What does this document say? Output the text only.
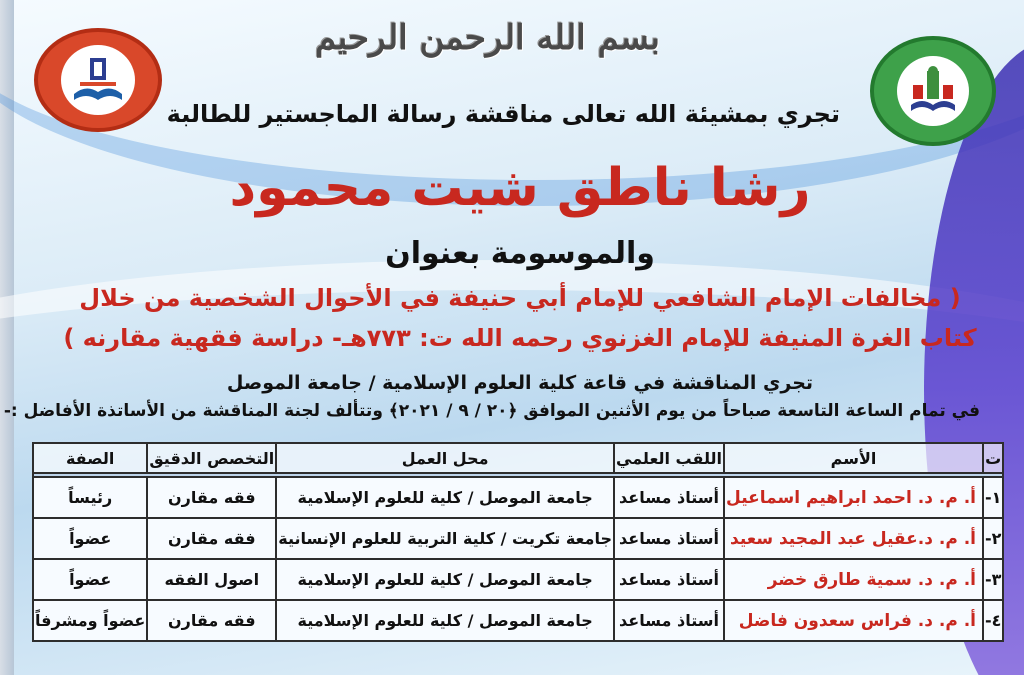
بسم الله الرحمن الرحيم
تجري بمشيئة الله تعالى مناقشة رسالة الماجستير للطالبة
رشا ناطق شيت محمود
والموسومة بعنوان
( مخالفات الإمام الشافعي للإمام أبي حنيفة في الأحوال الشخصية من خلال
كتاب الغرة المنيفة للإمام الغزنوي رحمه الله ت: ٧٧٣هـ- دراسة فقهية مقارنه )
تجري المناقشة في قاعة كلية العلوم الإسلامية / جامعة الموصل
في تمام الساعة التاسعة صباحاً من يوم الأثنين الموافق ﴿٢٠ / ٩ / ٢٠٢١﴾ وتتألف لجنة المناقشة من الأساتذة الأفاضل :-
ت	الأسم	اللقب العلمي	محل العمل	التخصص الدقيق	الصفة

١-	أ. م. د. احمد ابراهيم اسماعيل	أستاذ مساعد	جامعة الموصل / كلية للعلوم الإسلامية	فقه مقارن	رئيساً
٢-	أ. م. د.عقيل عبد المجيد سعيد	أستاذ مساعد	جامعة تكريت / كلية التربية للعلوم الإنسانية	فقه مقارن	عضواً
٣-	أ. م. د. سمية طارق خضر	أستاذ مساعد	جامعة الموصل / كلية للعلوم الإسلامية	اصول الفقه	عضواً
٤-	أ. م. د. فراس سعدون فاضل	أستاذ مساعد	جامعة الموصل / كلية للعلوم الإسلامية	فقه مقارن	عضواً ومشرفاً
